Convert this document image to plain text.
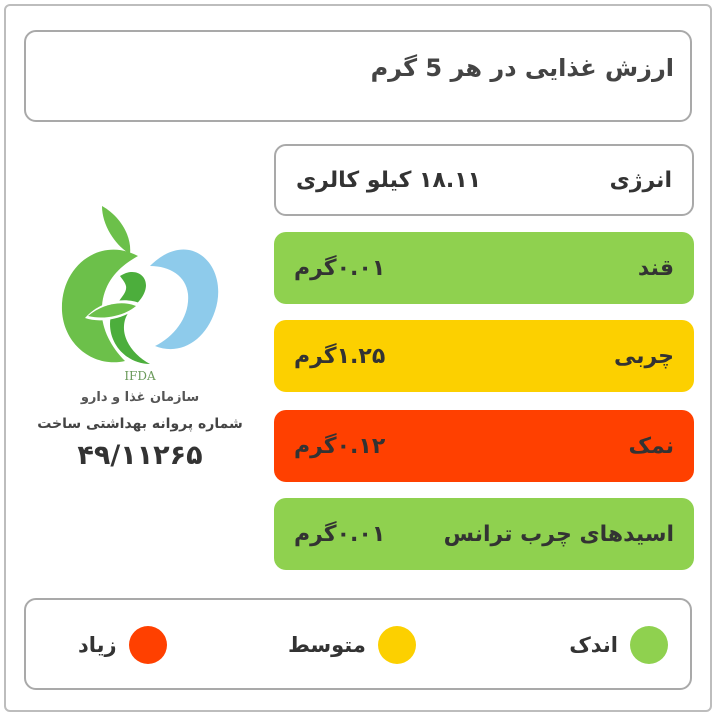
ارزش غذایی در هر 5 گرم
انرژی
۱۸.۱۱ کیلو کالری
قند
۰.۰۱گرم
چربی
۱.۲۵گرم
نمک
۰.۱۲گرم
اسیدهای چرب ترانس
۰.۰۱گرم
IFDA
سازمان غذا و دارو
شماره پروانه بهداشتی ساخت
۴۹/۱۱۲۶۵
اندک
متوسط
زیاد
